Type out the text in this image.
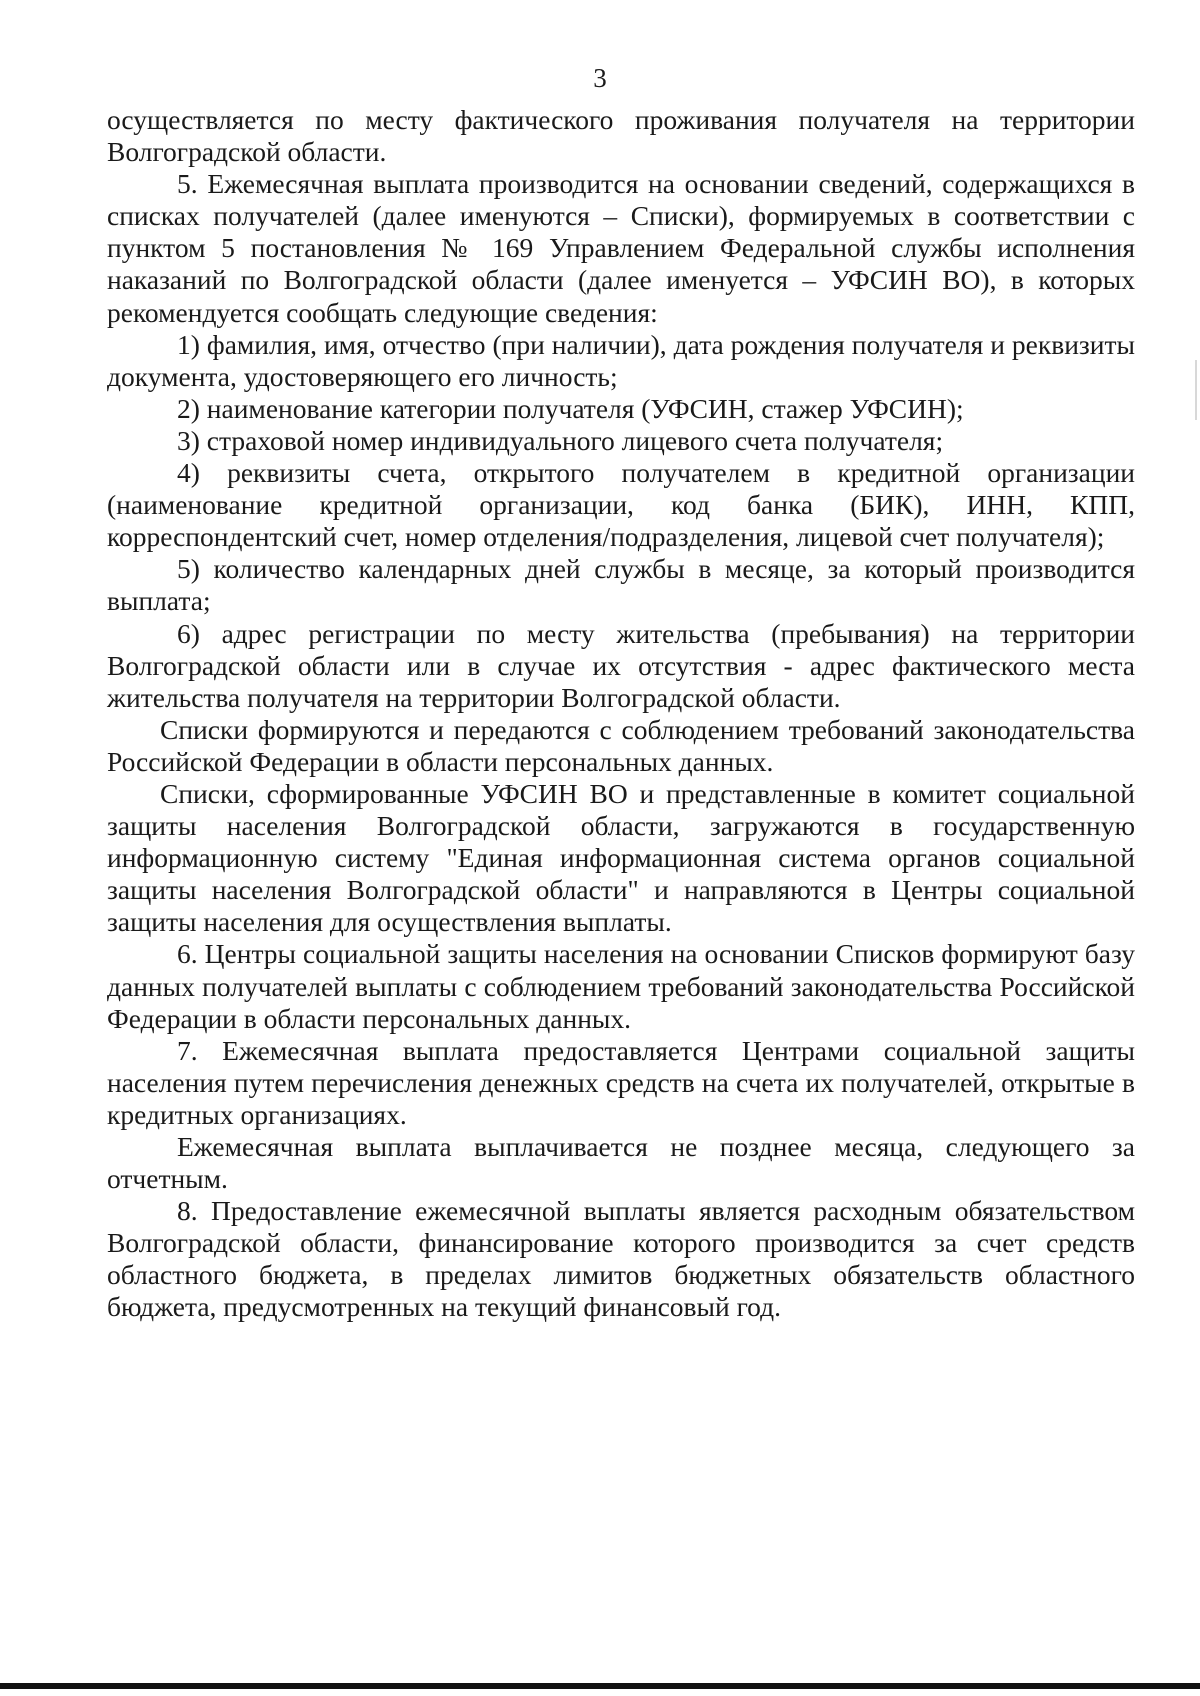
3

осуществляется по месту фактического проживания получателя на территории Волгоградской области.

5. Ежемесячная выплата производится на основании сведений, содержащихся в списках получателей (далее именуются – Списки), формируемых в соответствии с пунктом 5 постановления № 169 Управлением Федеральной службы исполнения наказаний по Волгоградской области (далее именуется – УФСИН ВО), в которых рекомендуется сообщать следующие сведения:

1) фамилия, имя, отчество (при наличии), дата рождения получателя и реквизиты документа, удостоверяющего его личность;

2) наименование категории получателя (УФСИН, стажер УФСИН);

3) страховой номер индивидуального лицевого счета получателя;

4) реквизиты счета, открытого получателем в кредитной организации (наименование кредитной организации, код банка (БИК), ИНН, КПП, корреспондентский счет, номер отделения/подразделения, лицевой счет получателя);

5) количество календарных дней службы в месяце, за который производится выплата;

6) адрес регистрации по месту жительства (пребывания) на территории Волгоградской области или в случае их отсутствия - адрес фактического места жительства получателя на территории Волгоградской области.

Списки формируются и передаются с соблюдением требований законодательства Российской Федерации в области персональных данных.

Списки, сформированные УФСИН ВО и представленные в комитет социальной защиты населения Волгоградской области, загружаются в государственную информационную систему "Единая информационная система органов социальной защиты населения Волгоградской области" и направляются в Центры социальной защиты населения для осуществления выплаты.

6. Центры социальной защиты населения на основании Списков формируют базу данных получателей выплаты с соблюдением требований законодательства Российской Федерации в области персональных данных.

7. Ежемесячная выплата предоставляется Центрами социальной защиты населения путем перечисления денежных средств на счета их получателей, открытые в кредитных организациях.

Ежемесячная выплата выплачивается не позднее месяца, следующего за отчетным.

8. Предоставление ежемесячной выплаты является расходным обязательством Волгоградской области, финансирование которого производится за счет средств областного бюджета, в пределах лимитов бюджетных обязательств областного бюджета, предусмотренных на текущий финансовый год.
